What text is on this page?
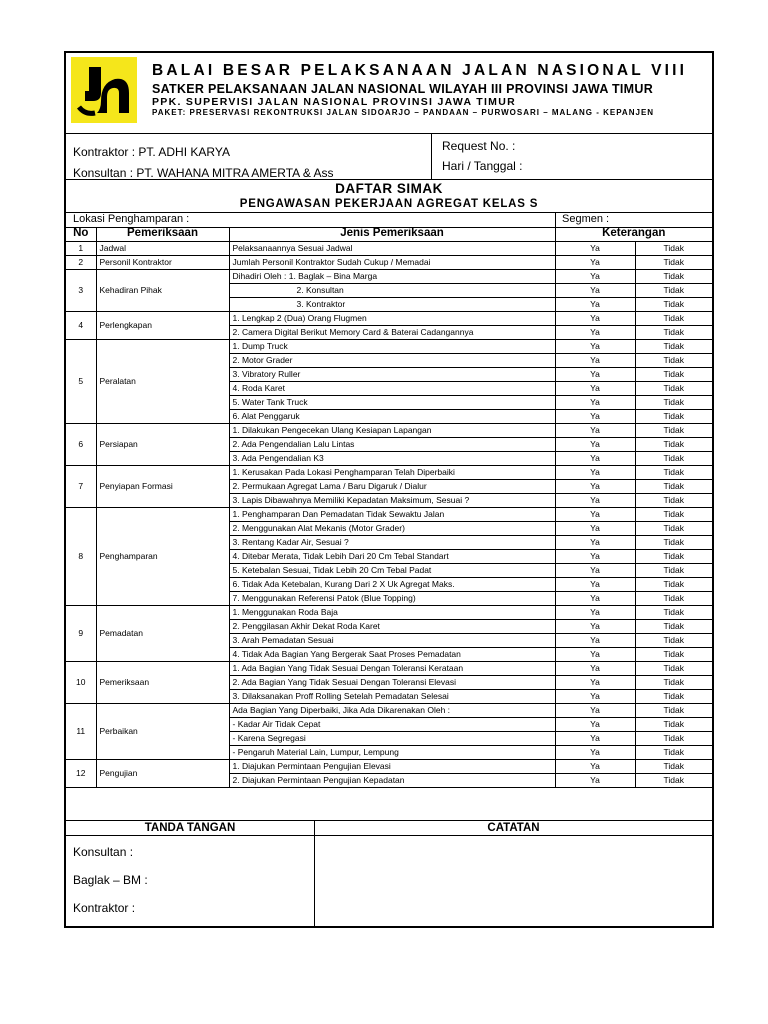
BALAI BESAR PELAKSANAAN JALAN NASIONAL VIII
SATKER PELAKSANAAN JALAN NASIONAL WILAYAH III PROVINSI JAWA TIMUR
PPK. SUPERVISI JALAN NASIONAL PROVINSI JAWA TIMUR
PAKET: PRESERVASI REKONTRUKSI JALAN SIDOARJO – PANDAAN – PURWOSARI – MALANG - KEPANJEN
Kontraktor : PT. ADHI KARYA
Konsultan : PT. WAHANA MITRA AMERTA & Ass
Request No. :
Hari / Tanggal :
DAFTAR SIMAK
PENGAWASAN PEKERJAAN AGREGAT KELAS S
Lokasi Penghamparan :	Segmen :
No	Pemeriksaan	Jenis Pemeriksaan	Keterangan	
1	Jadwal	Pelaksanaannya Sesuai Jadwal	Ya	Tidak
2	Personil Kontraktor	Jumlah Personil Kontraktor Sudah Cukup / Memadai	Ya	Tidak
3	Kehadiran Pihak	Dihadiri Oleh : 1. Baglak – Bina Marga	Ya	Tidak
		2. Konsultan	Ya	Tidak
		3. Kontraktor	Ya	Tidak
4	Perlengkapan	1. Lengkap 2 (Dua) Orang Flugmen	Ya	Tidak
		2. Camera Digital Berikut Memory Card & Baterai Cadangannya	Ya	Tidak
5	Peralatan	1. Dump Truck	Ya	Tidak
		2. Motor Grader	Ya	Tidak
		3. Vibratory Ruller	Ya	Tidak
		4. Roda Karet	Ya	Tidak
		5. Water Tank Truck	Ya	Tidak
		6. Alat Penggaruk	Ya	Tidak
6	Persiapan	1. Dilakukan Pengecekan Ulang Kesiapan Lapangan	Ya	Tidak
		2. Ada Pengendalian Lalu Lintas	Ya	Tidak
		3. Ada Pengendalian K3	Ya	Tidak
7	Penyiapan Formasi	1. Kerusakan Pada Lokasi Penghamparan Telah Diperbaiki	Ya	Tidak
		2. Permukaan Agregat Lama / Baru Digaruk / Dialur	Ya	Tidak
		3. Lapis Dibawahnya Memiliki Kepadatan Maksimum, Sesuai ?	Ya	Tidak
8	Penghamparan	1. Penghamparan Dan Pemadatan Tidak Sewaktu Jalan	Ya	Tidak
		2. Menggunakan Alat Mekanis (Motor Grader)	Ya	Tidak
		3. Rentang Kadar Air, Sesuai ?	Ya	Tidak
		4. Ditebar Merata, Tidak Lebih Dari 20 Cm Tebal Standart	Ya	Tidak
		5. Ketebalan Sesuai, Tidak Lebih 20 Cm Tebal Padat	Ya	Tidak
		6. Tidak Ada Ketebalan, Kurang Dari 2 X Uk Agregat Maks.	Ya	Tidak
		7. Menggunakan Referensi Patok (Blue Topping)	Ya	Tidak
9	Pemadatan	1. Menggunakan Roda Baja	Ya	Tidak
		2. Penggilasan Akhir Dekat Roda Karet	Ya	Tidak
		3. Arah Pemadatan Sesuai	Ya	Tidak
		4. Tidak Ada Bagian Yang Bergerak Saat Proses Pemadatan	Ya	Tidak
10	Pemeriksaan	1. Ada Bagian Yang Tidak Sesuai Dengan Toleransi Kerataan	Ya	Tidak
		2. Ada Bagian Yang Tidak Sesuai Dengan Toleransi Elevasi	Ya	Tidak
		3. Dilaksanakan Proff Rolling Setelah Pemadatan Selesai	Ya	Tidak
11	Perbaikan	Ada Bagian Yang Diperbaiki, Jika Ada Dikarenakan Oleh :	Ya	Tidak
		- Kadar Air Tidak Cepat	Ya	Tidak
		- Karena Segregasi	Ya	Tidak
		- Pengaruh Material Lain, Lumpur, Lempung	Ya	Tidak
12	Pengujian	1. Diajukan Permintaan Pengujian Elevasi	Ya	Tidak
		2. Diajukan Permintaan Pengujian Kepadatan	Ya	Tidak
TANDA TANGAN	CATATAN
Konsultan :
Baglak – BM :
Kontraktor :
